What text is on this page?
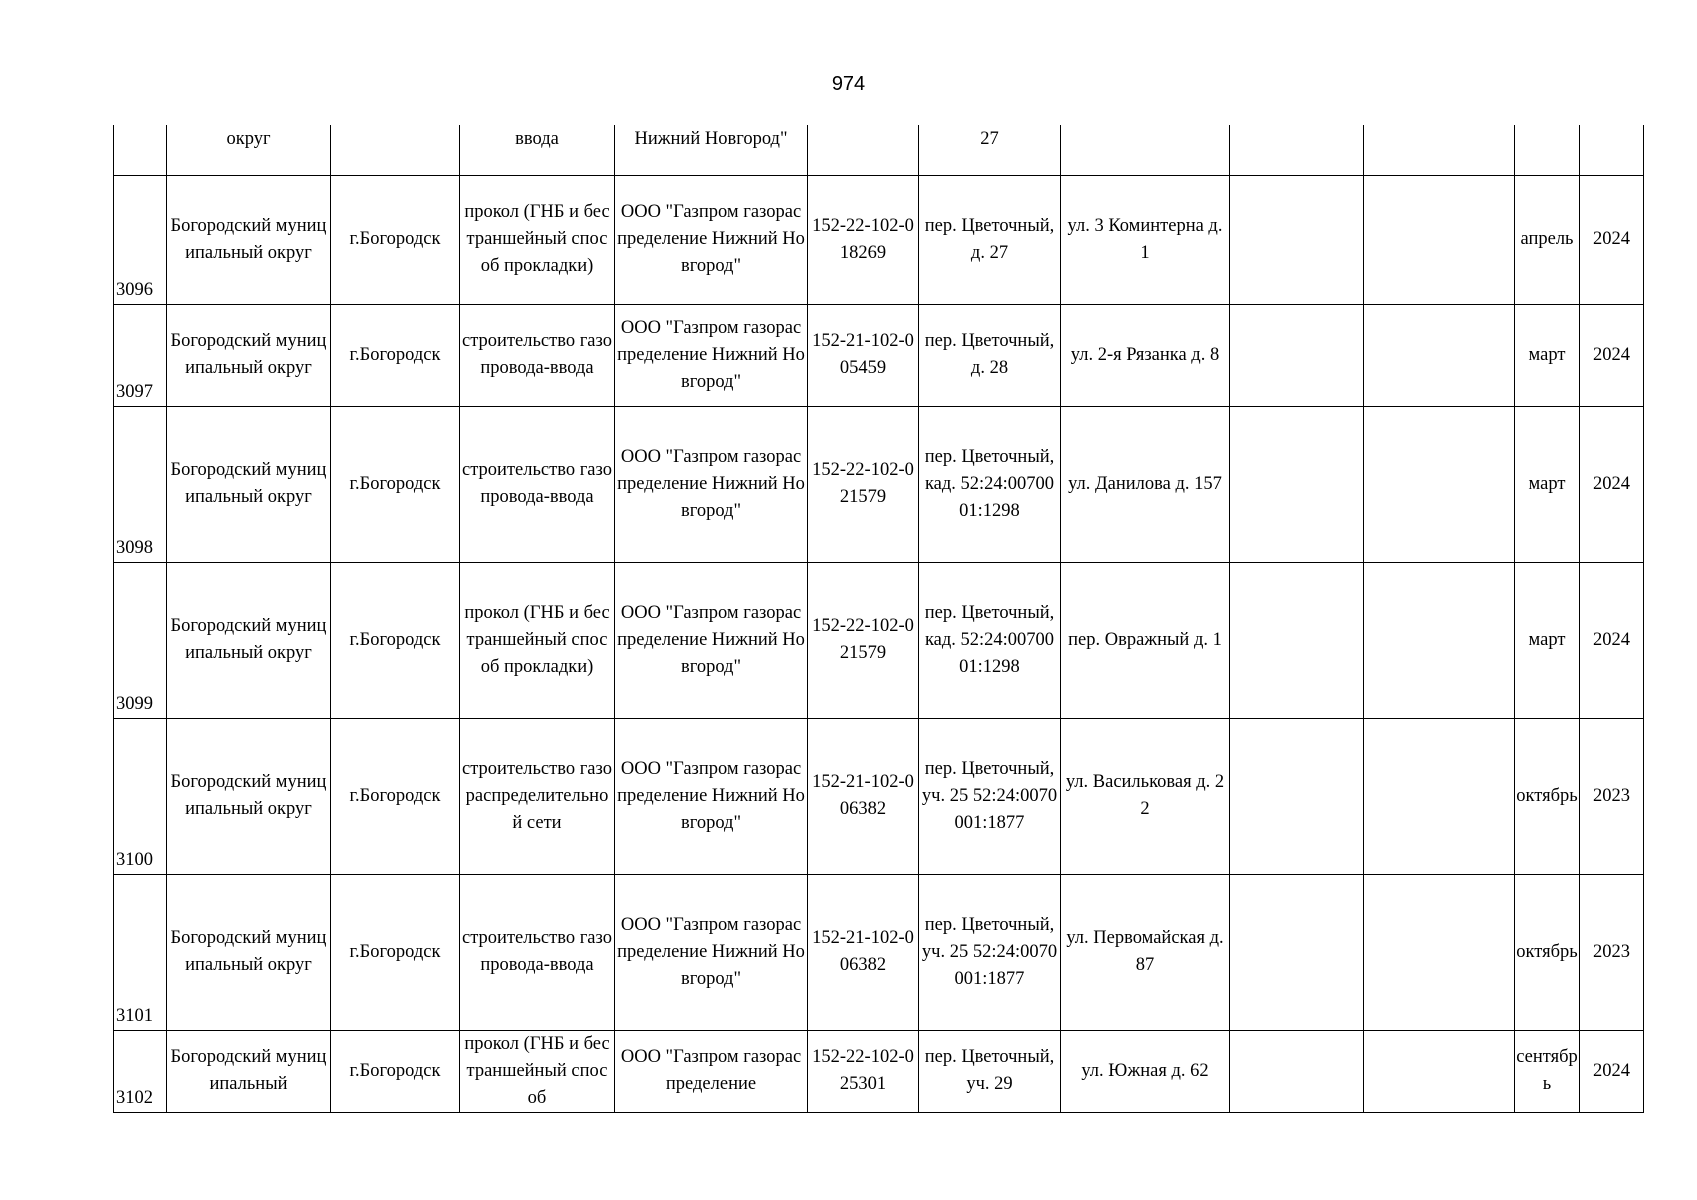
974
	округ		ввода	Нижний Новгород"		27					
3096	Богородский муниципальный округ	г.Богородск	прокол (ГНБ и бестраншейный способ прокладки)	ООО "Газпром газораспределение Нижний Новгород"	152-22-102-018269	пер. Цветочный, д. 27	ул. 3 Коминтерна д. 1			апрель	2024
3097	Богородский муниципальный округ	г.Богородск	строительство газопровода-ввода	ООО "Газпром газораспределение Нижний Новгород"	152-21-102-005459	пер. Цветочный, д. 28	ул. 2-я Рязанка д. 8			март	2024
3098	Богородский муниципальный округ	г.Богородск	строительство газопровода-ввода	ООО "Газпром газораспределение Нижний Новгород"	152-22-102-021579	пер. Цветочный, кад. 52:24:0070001:1298	ул. Данилова д. 157			март	2024
3099	Богородский муниципальный округ	г.Богородск	прокол (ГНБ и бестраншейный способ прокладки)	ООО "Газпром газораспределение Нижний Новгород"	152-22-102-021579	пер. Цветочный, кад. 52:24:0070001:1298	пер. Овражный д. 1			март	2024
3100	Богородский муниципальный округ	г.Богородск	строительство газораспределительной сети	ООО "Газпром газораспределение Нижний Новгород"	152-21-102-006382	пер. Цветочный, уч. 25 52:24:0070001:1877	ул. Васильковая д. 22			октябрь	2023
3101	Богородский муниципальный округ	г.Богородск	строительство газопровода-ввода	ООО "Газпром газораспределение Нижний Новгород"	152-21-102-006382	пер. Цветочный, уч. 25 52:24:0070001:1877	ул. Первомайская д. 87			октябрь	2023
3102	Богородский муниципальный	г.Богородск	прокол (ГНБ и бестраншейный способ	ООО "Газпром газораспределение	152-22-102-025301	пер. Цветочный, уч. 29	ул. Южная д. 62			сентябрь	2024
